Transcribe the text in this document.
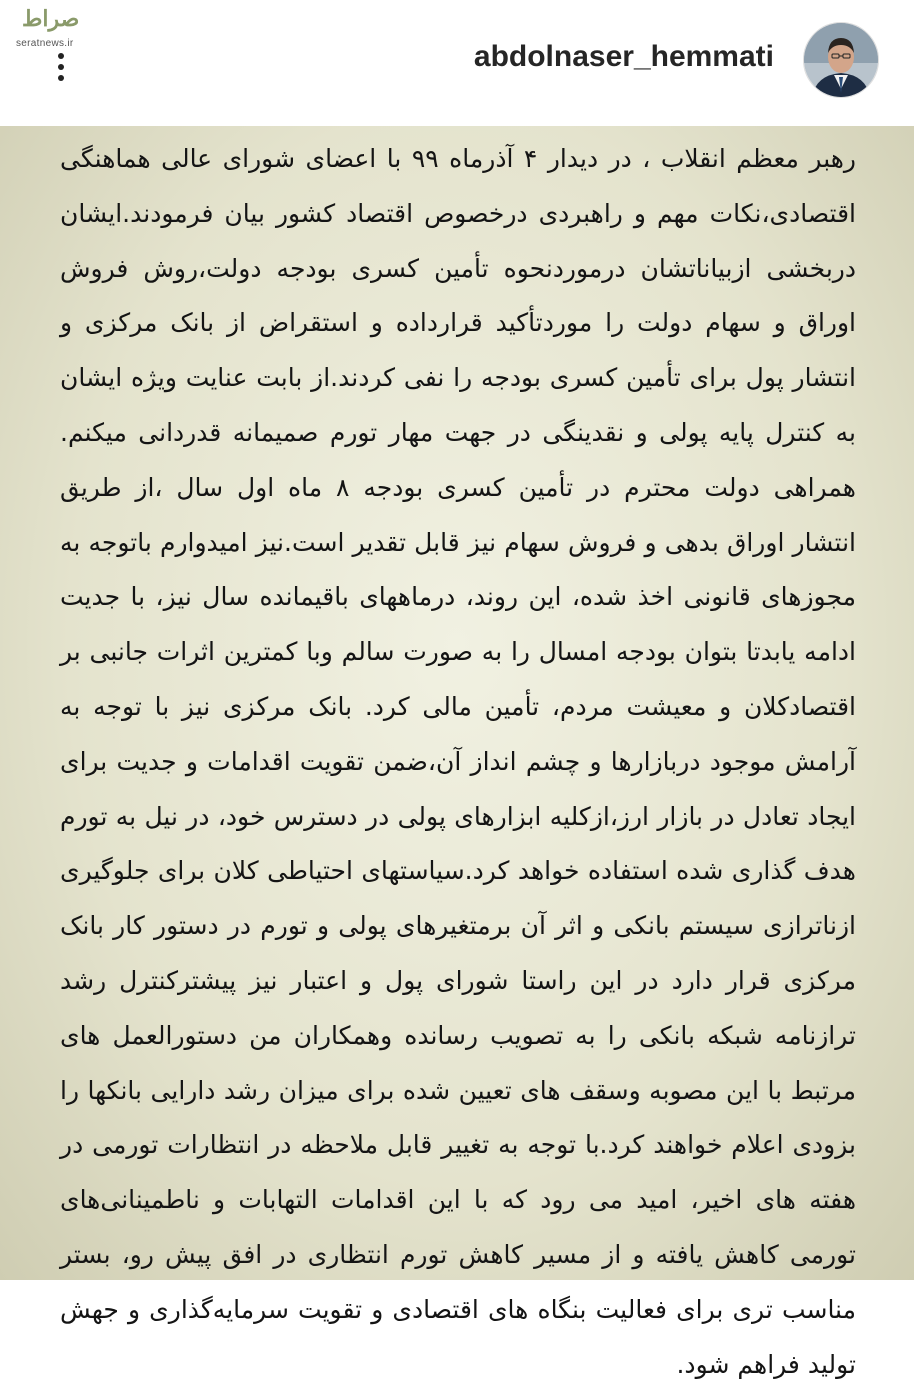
صراط
seratnews.ir	abdolnaser_hemmati

رهبر معظم انقلاب ، در دیدار ۴ آذرماه ۹۹ با اعضای شورای عالی هماهنگی اقتصادی،نکات مهم و راهبردی درخصوص اقتصاد کشور بیان فرمودند.ایشان دربخشی ازبیاناتشان درموردنحوه تأمین کسری بودجه دولت،روش فروش اوراق و سهام دولت را موردتأکید قرارداده و استقراض از بانک مرکزی و انتشار پول برای تأمین کسری بودجه را نفی کردند.از بابت عنایت ویژه ایشان به کنترل پایه پولی و نقدینگی در جهت مهار تورم صمیمانه قدردانی میکنم. همراهی دولت محترم در تأمین کسری بودجه ۸ ماه اول سال ،از طریق انتشار اوراق بدهی و فروش سهام نیز قابل تقدیر است.نیز امیدوارم باتوجه به مجوزهای قانونی اخذ شده، این روند، درماههای باقیمانده سال نیز، با جدیت ادامه یابدتا بتوان بودجه امسال را به صورت سالم وبا کمترین اثرات جانبی بر اقتصادکلان و معیشت مردم، تأمین مالی کرد. بانک مرکزی نیز با توجه به آرامش موجود دربازارها و چشم انداز آن،ضمن تقویت اقدامات و جدیت برای ایجاد تعادل در بازار ارز،ازکلیه ابزارهای پولی در دسترس خود، در نیل به تورم هدف گذاری شده استفاده خواهد کرد.سیاستهای احتیاطی کلان برای جلوگیری ازناترازی سیستم بانکی و اثر آن برمتغیرهای پولی و تورم در دستور کار بانک مرکزی قرار دارد در این راستا شورای پول و اعتبار نیز پیشترکنترل رشد ترازنامه شبکه بانکی را به تصویب رسانده وهمکاران من دستورالعمل های مرتبط با این مصوبه وسقف های تعیین شده برای میزان رشد دارایی بانکها را بزودی اعلام خواهند کرد.با توجه به تغییر قابل ملاحظه در انتظارات تورمی در هفته های اخیر، امید می رود که با این اقدامات التهابات و ناطمینانی‌های تورمی کاهش یافته و از مسیر کاهش تورم انتظاری در افق پیش رو، بستر مناسب تری برای فعالیت بنگاه های اقتصادی و تقویت سرمایه‌گذاری و جهش تولید فراهم شود.
